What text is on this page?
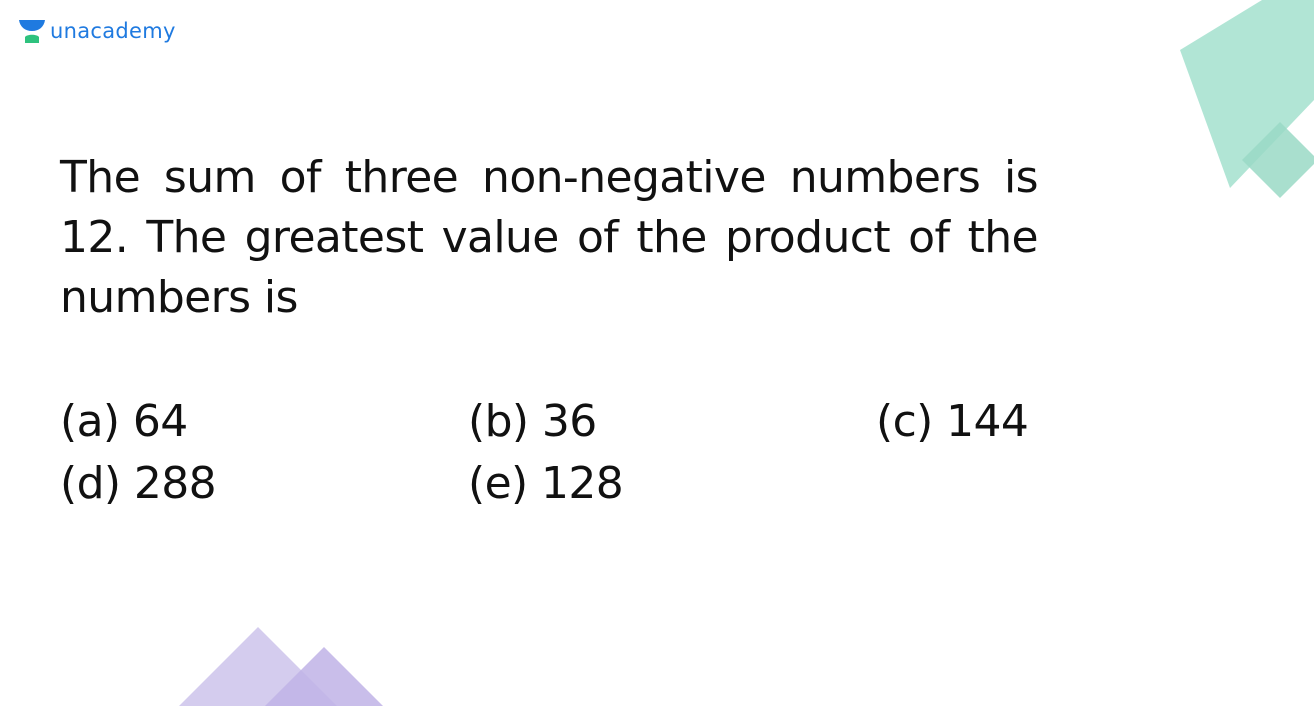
unacademy

The sum of three non-negative numbers is 12. The greatest value of the product of the numbers is

(a) 64	(b) 36	(c) 144
(d) 288	(e) 128
